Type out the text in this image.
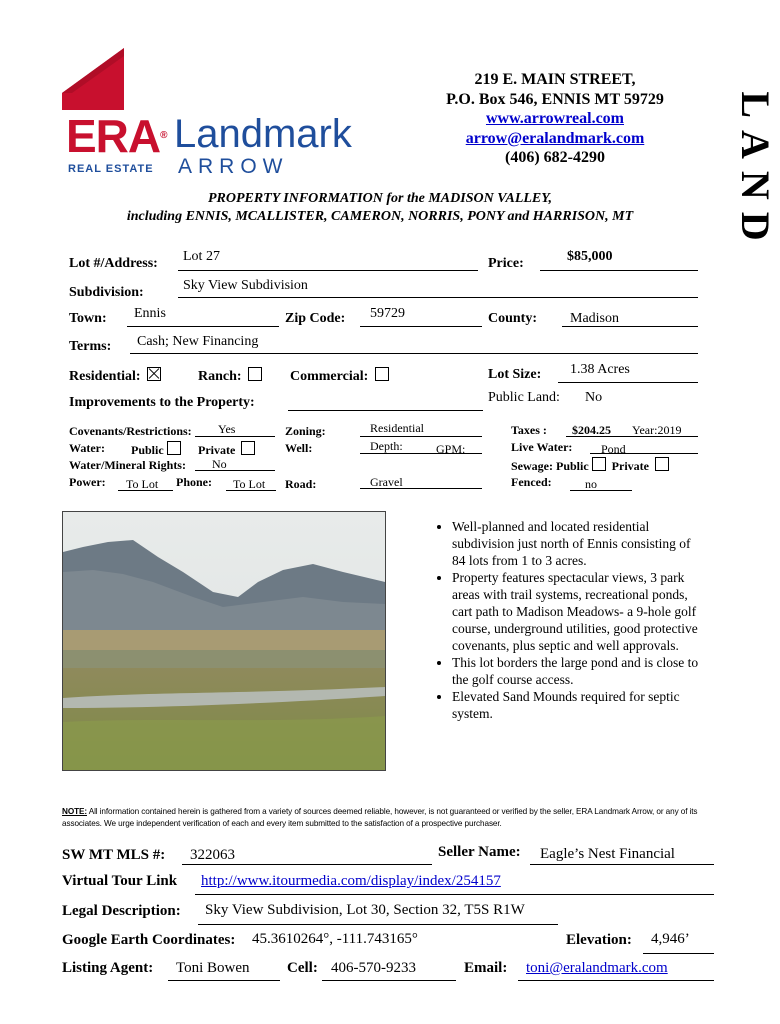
ERA® Landmark
REAL ESTATE ARROW
219 E. MAIN STREET,
P.O. Box 546, ENNIS MT 59729
www.arrowreal.com
arrow@eralandmark.com
(406) 682-4290	LAND
PROPERTY INFORMATION for the MADISON VALLEY,
including ENNIS, MCALLISTER, CAMERON, NORRIS, PONY and HARRISON, MT
Lot #/Address: Lot 27	Price:	$85,000
Subdivision:	Sky View Subdivision
Town: Ennis	Zip Code: 59729	County: Madison
Terms: Cash; New Financing
Residential:	Ranch:	Commercial:	Lot Size: 1.38 Acres
Improvements to the Property:	Public Land: No
Covenants/Restrictions: Yes	Zoning:	Residential	Taxes : $204.25 Year:2019
Water: Public	Private	Well:	Depth:	GPM:	Live Water: Pond
Water/Mineral Rights: No	Sewage: Public Private
Power: To Lot Phone: To Lot Road:	Gravel	Fenced:	no
• Well-planned and located residential subdivision just north of Ennis consisting of 84 lots from 1 to 3 acres.
• Property features spectacular views, 3 park areas with trail systems, recreational ponds, cart path to Madison Meadows- a 9-hole golf course, underground utilities, good protective covenants, plus septic and well approvals.
• This lot borders the large pond and is close to the golf course access.
• Elevated Sand Mounds required for septic system.
NOTE: All information contained herein is gathered from a variety of sources deemed reliable, however, is not guaranteed or verified by the seller, ERA Landmark Arrow, or any of its associates. We urge independent verification of each and every item submitted to the satisfaction of a prospective purchaser.
SW MT MLS #: 322063	Seller Name: Eagle’s Nest Financial
Virtual Tour Link http://www.itourmedia.com/display/index/254157
Legal Description: Sky View Subdivision, Lot 30, Section 32, T5S R1W
Google Earth Coordinates: 45.3610264°, -111.743165°	Elevation: 4,946’
Listing Agent: Toni Bowen Cell: 406-570-9233	Email: toni@eralandmark.com
